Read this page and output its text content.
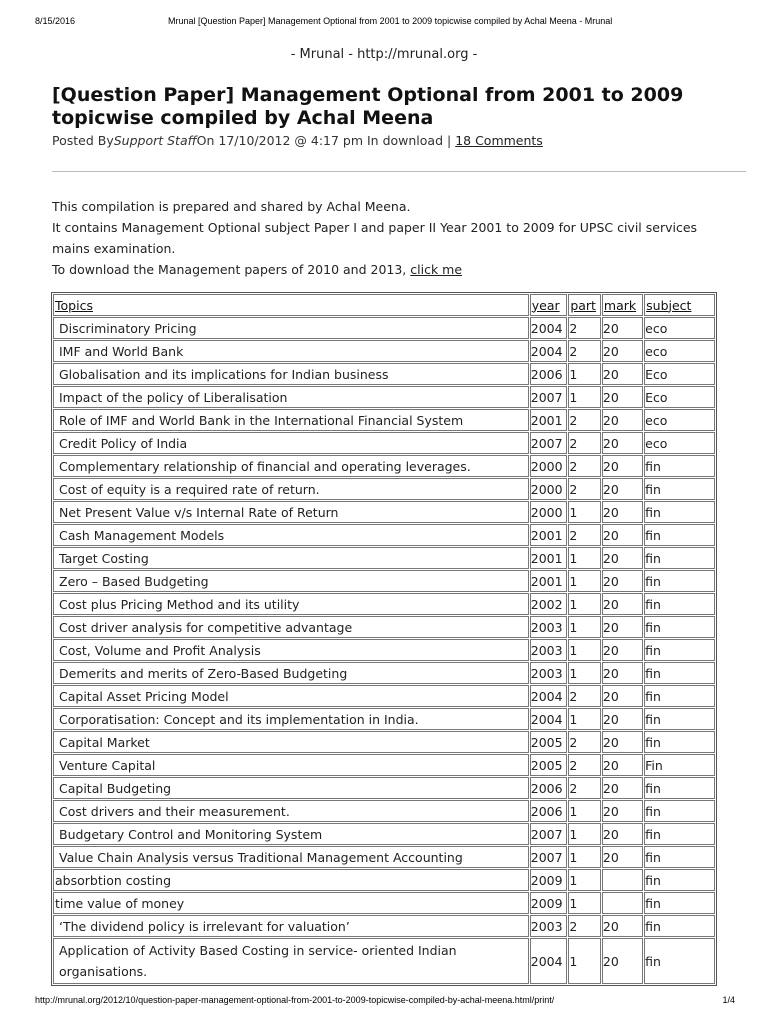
8/15/2016	Mrunal [Question Paper] Management Optional from 2001 to 2009 topicwise compiled by Achal Meena - Mrunal
- Mrunal - http://mrunal.org -
[Question Paper] Management Optional from 2001 to 2009 topicwise compiled by Achal Meena
Posted BySupport StaffOn 17/10/2012 @ 4:17 pm In download | 18 Comments

This compilation is prepared and shared by Achal Meena.

It contains Management Optional subject Paper I and paper II Year 2001 to 2009 for UPSC civil services mains examination.

To download the Management papers of 2010 and 2013, click me

Topics	year	part	mark	subject
Discriminatory Pricing	2004	2	20	eco
IMF and World Bank	2004	2	20	eco
Globalisation and its implications for Indian business	2006	1	20	Eco
Impact of the policy of Liberalisation	2007	1	20	Eco
Role of IMF and World Bank in the International Financial System	2001	2	20	eco
Credit Policy of India	2007	2	20	eco
Complementary relationship of financial and operating leverages.	2000	2	20	fin
Cost of equity is a required rate of return.	2000	2	20	fin
Net Present Value v/s Internal Rate of Return	2000	1	20	fin
Cash Management Models	2001	2	20	fin
Target Costing	2001	1	20	fin
Zero – Based Budgeting	2001	1	20	fin
Cost plus Pricing Method and its utility	2002	1	20	fin
Cost driver analysis for competitive advantage	2003	1	20	fin
Cost, Volume and Profit Analysis	2003	1	20	fin
Demerits and merits of Zero-Based Budgeting	2003	1	20	fin
Capital Asset Pricing Model	2004	2	20	fin
Corporatisation: Concept and its implementation in India.	2004	1	20	fin
Capital Market	2005	2	20	fin
Venture Capital	2005	2	20	Fin
Capital Budgeting	2006	2	20	fin
Cost drivers and their measurement.	2006	1	20	fin
Budgetary Control and Monitoring System	2007	1	20	fin
Value Chain Analysis versus Traditional Management Accounting	2007	1	20	fin
absorbtion costing	2009	1		fin
time value of money	2009	1		fin
‘The dividend policy is irrelevant for valuation’	2003	2	20	fin
Application of Activity Based Costing in service- oriented Indian organisations.	2004	1	20	fin
http://mrunal.org/2012/10/question-paper-management-optional-from-2001-to-2009-topicwise-compiled-by-achal-meena.html/print/	1/4
